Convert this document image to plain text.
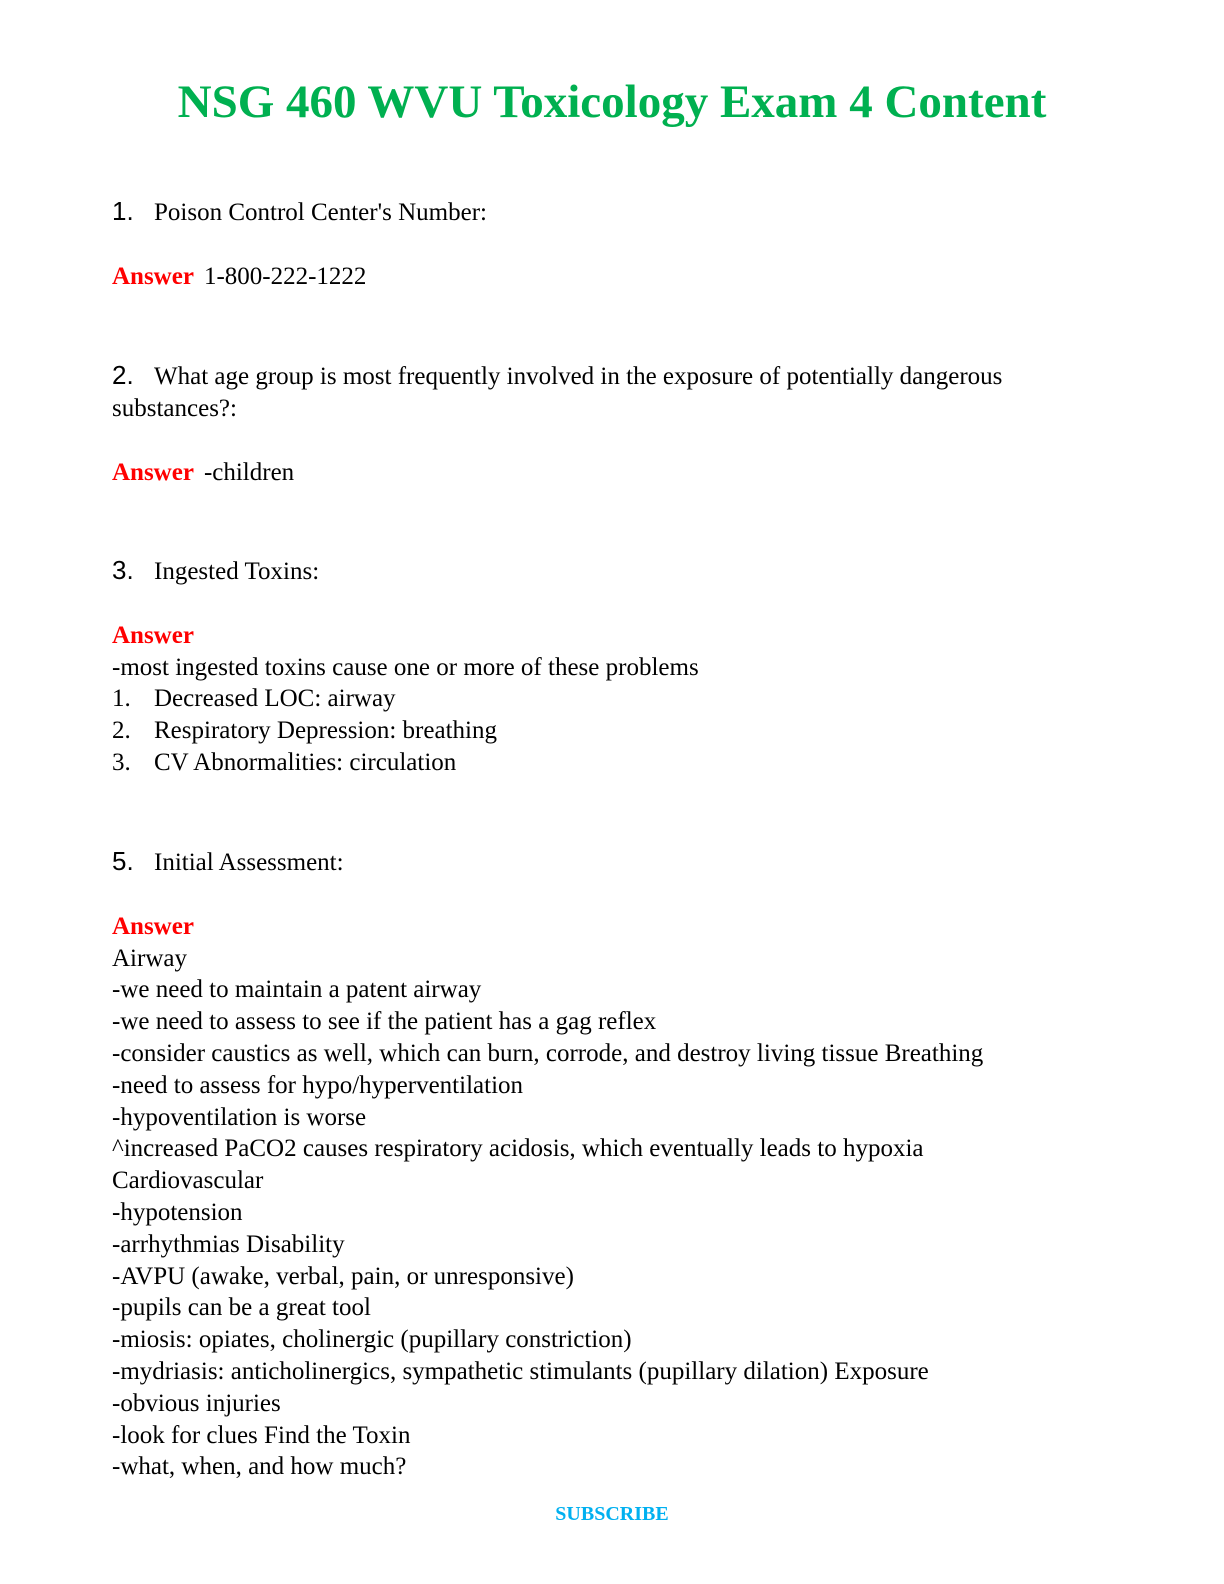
NSG 460 WVU Toxicology Exam 4 Content
1. Poison Control Center's Number:
Answer 1-800-222-1222
2. What age group is most frequently involved in the exposure of potentially dangerous
substances?:
Answer -children
3. Ingested Toxins:
Answer
-most ingested toxins cause one or more of these problems
1. Decreased LOC: airway
2. Respiratory Depression: breathing
3. CV Abnormalities: circulation
5. Initial Assessment:
Answer
Airway
-we need to maintain a patent airway
-we need to assess to see if the patient has a gag reflex
-consider caustics as well, which can burn, corrode, and destroy living tissue Breathing
-need to assess for hypo/hyperventilation
-hypoventilation is worse
^increased PaCO2 causes respiratory acidosis, which eventually leads to hypoxia
Cardiovascular
-hypotension
-arrhythmias Disability
-AVPU (awake, verbal, pain, or unresponsive)
-pupils can be a great tool
-miosis: opiates, cholinergic (pupillary constriction)
-mydriasis: anticholinergics, sympathetic stimulants (pupillary dilation) Exposure
-obvious injuries
-look for clues Find the Toxin
-what, when, and how much?
SUBSCRIBE
